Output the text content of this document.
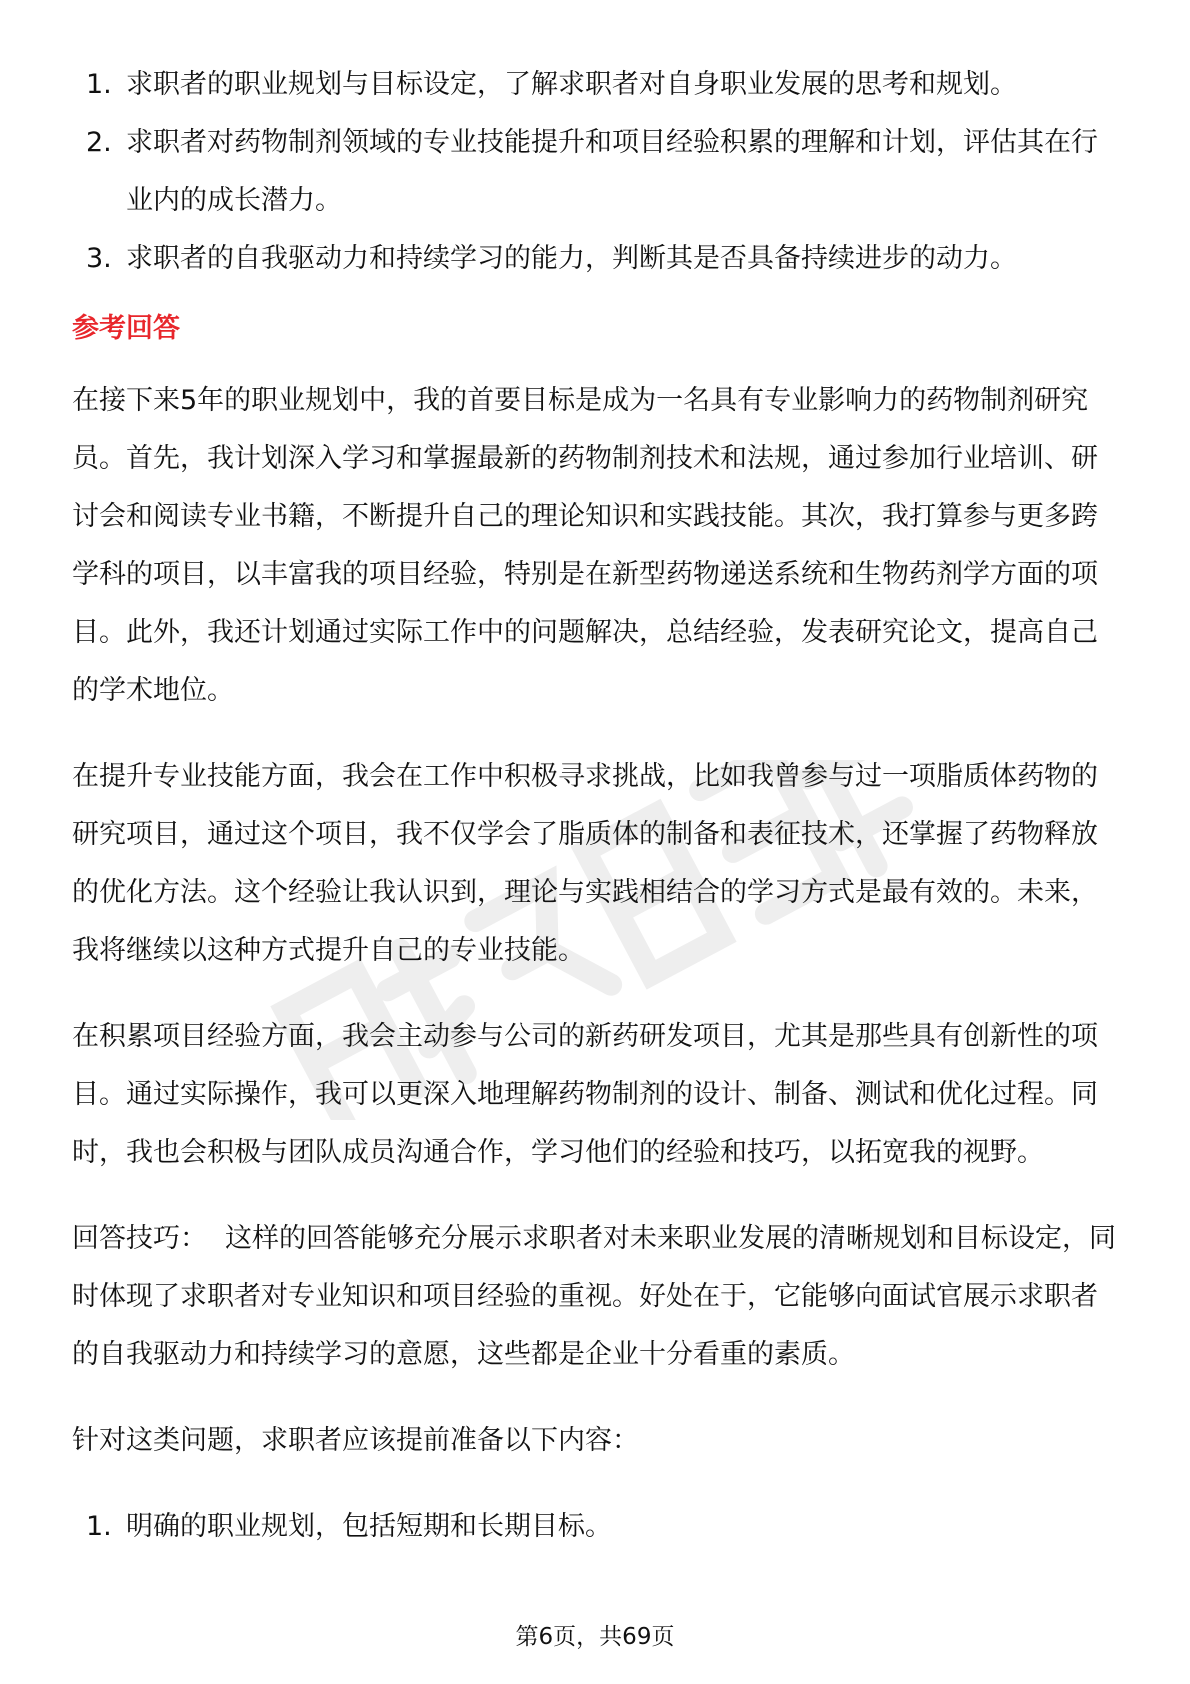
1. 求职者的职业规划与目标设定，了解求职者对自身职业发展的思考和规划。
2. 求职者对药物制剂领域的专业技能提升和项目经验积累的理解和计划，评估其在行业内的成长潜力。
3. 求职者的自我驱动力和持续学习的能力，判断其是否具备持续进步的动力。
参考回答

在接下来5年的职业规划中，我的首要目标是成为一名具有专业影响力的药物制剂研究员。首先，我计划深入学习和掌握最新的药物制剂技术和法规，通过参加行业培训、研讨会和阅读专业书籍，不断提升自己的理论知识和实践技能。其次，我打算参与更多跨学科的项目，以丰富我的项目经验，特别是在新型药物递送系统和生物药剂学方面的项目。此外，我还计划通过实际工作中的问题解决，总结经验，发表研究论文，提高自己的学术地位。

在提升专业技能方面，我会在工作中积极寻求挑战，比如我曾参与过一项脂质体药物的研究项目，通过这个项目，我不仅学会了脂质体的制备和表征技术，还掌握了药物释放的优化方法。这个经验让我认识到，理论与实践相结合的学习方式是最有效的。未来，我将继续以这种方式提升自己的专业技能。

在积累项目经验方面，我会主动参与公司的新药研发项目，尤其是那些具有创新性的项目。通过实际操作，我可以更深入地理解药物制剂的设计、制备、测试和优化过程。同时，我也会积极与团队成员沟通合作，学习他们的经验和技巧，以拓宽我的视野。

回答技巧： 这样的回答能够充分展示求职者对未来职业发展的清晰规划和目标设定，同时体现了求职者对专业知识和项目经验的重视。好处在于，它能够向面试官展示求职者的自我驱动力和持续学习的意愿，这些都是企业十分看重的素质。

针对这类问题，求职者应该提前准备以下内容：

1. 明确的职业规划，包括短期和长期目标。
第6页，共69页
